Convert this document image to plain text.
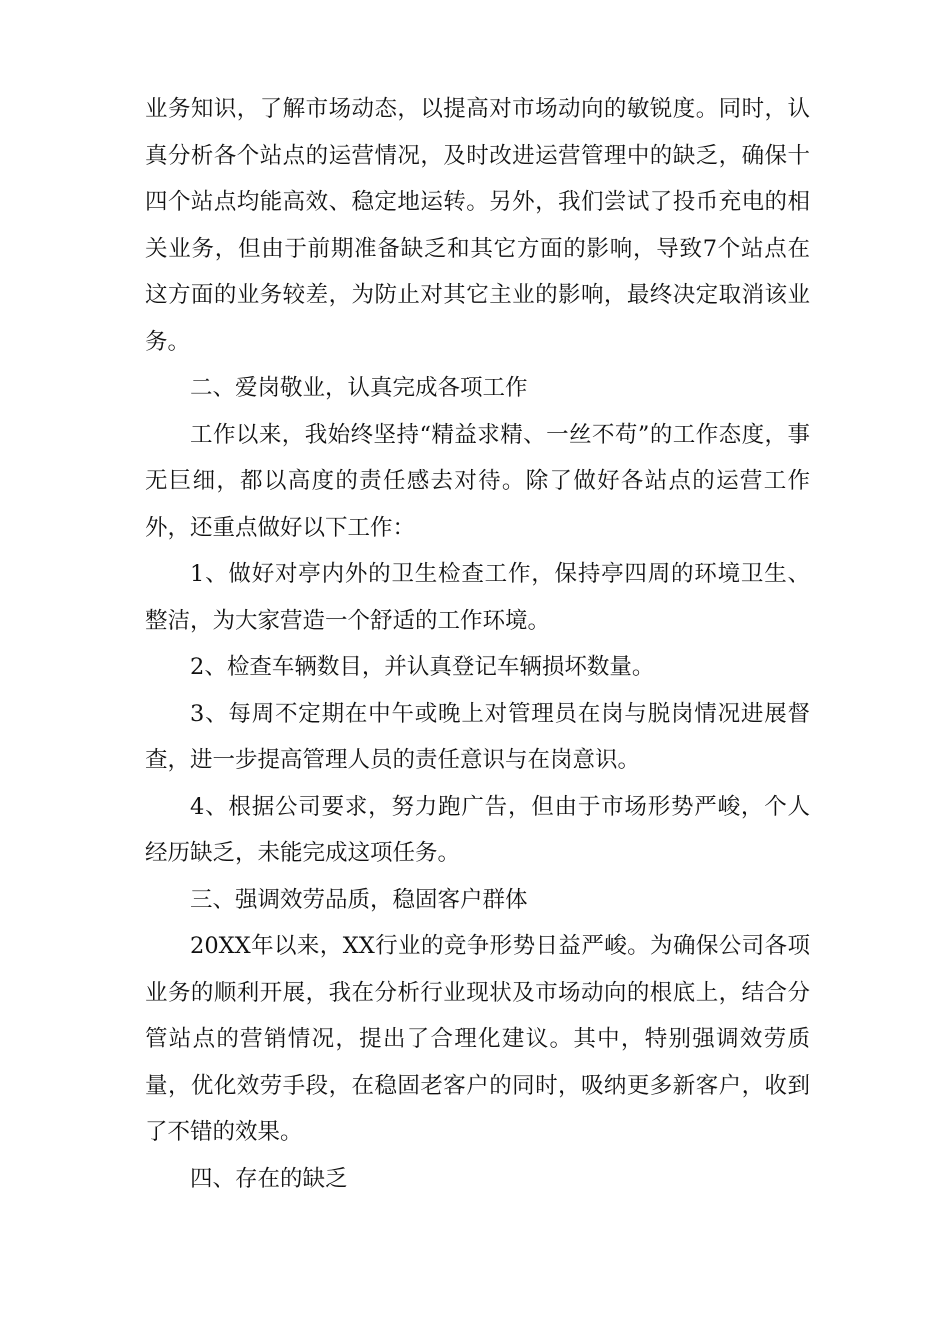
业务知识，了解市场动态，以提高对市场动向的敏锐度。同时，认真分析各个站点的运营情况，及时改进运营管理中的缺乏，确保十四个站点均能高效、稳定地运转。另外，我们尝试了投币充电的相关业务，但由于前期准备缺乏和其它方面的影响，导致7个站点在这方面的业务较差，为防止对其它主业的影响，最终决定取消该业务。

二、爱岗敬业，认真完成各项工作

工作以来，我始终坚持“精益求精、一丝不苟”的工作态度，事无巨细，都以高度的责任感去对待。除了做好各站点的运营工作外，还重点做好以下工作：

1、做好对亭内外的卫生检查工作，保持亭四周的环境卫生、整洁，为大家营造一个舒适的工作环境。

2、检查车辆数目，并认真登记车辆损坏数量。

3、每周不定期在中午或晚上对管理员在岗与脱岗情况进展督查，进一步提高管理人员的责任意识与在岗意识。

4、根据公司要求，努力跑广告，但由于市场形势严峻，个人经历缺乏，未能完成这项任务。

三、强调效劳品质，稳固客户群体

20XX年以来，XX行业的竞争形势日益严峻。为确保公司各项业务的顺利开展，我在分析行业现状及市场动向的根底上，结合分管站点的营销情况，提出了合理化建议。其中，特别强调效劳质量，优化效劳手段，在稳固老客户的同时，吸纳更多新客户，收到了不错的效果。

四、存在的缺乏
